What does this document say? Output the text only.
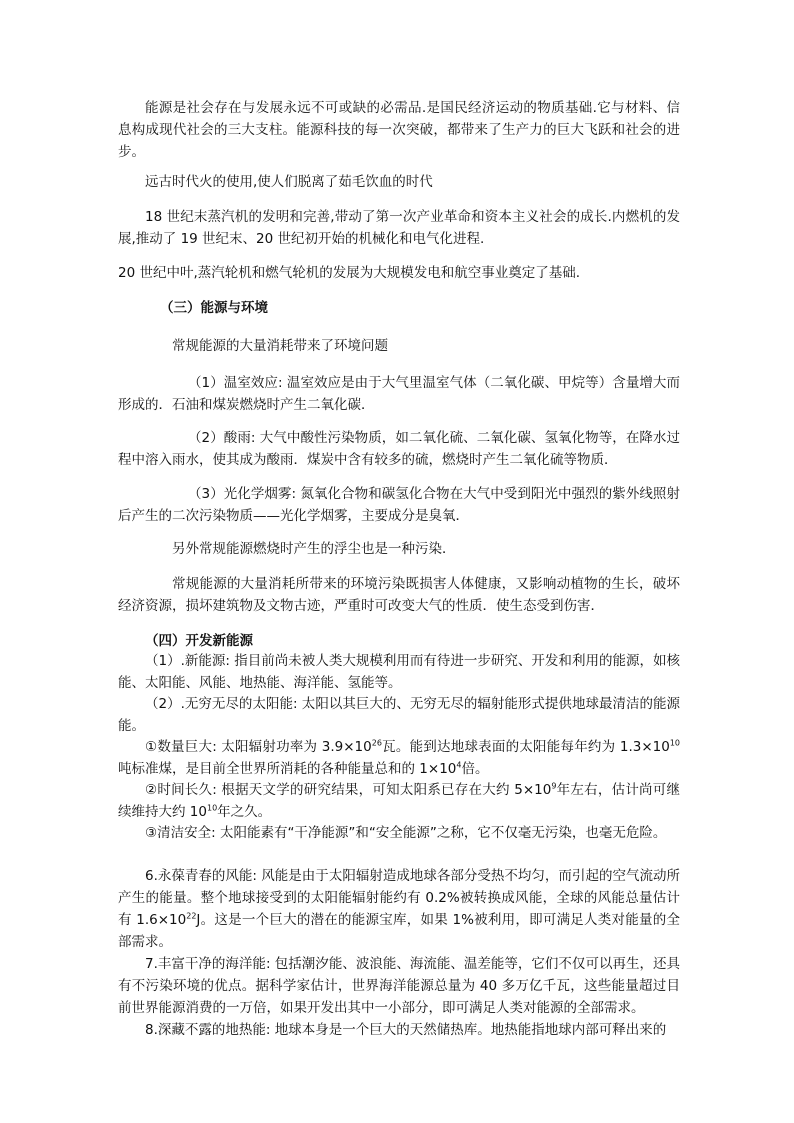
能源是社会存在与发展永远不可或缺的必需品.是国民经济运动的物质基础.它与材料、信息构成现代社会的三大支柱。能源科技的每一次突破，都带来了生产力的巨大飞跃和社会的进步。

远古时代火的使用,使人们脱离了茹毛饮血的时代

18 世纪末蒸汽机的发明和完善,带动了第一次产业革命和资本主义社会的成长.内燃机的发展,推动了 19 世纪末、20 世纪初开始的机械化和电气化进程.

20 世纪中叶,蒸汽轮机和燃气轮机的发展为大规模发电和航空事业奠定了基础.

（三）能源与环境

常规能源的大量消耗带来了环境问题

（1）温室效应: 温室效应是由于大气里温室气体（二氧化碳、甲烷等）含量增大而形成的．石油和煤炭燃烧时产生二氧化碳．

（2）酸雨: 大气中酸性污染物质，如二氧化硫、二氧化碳、氢氧化物等，在降水过程中溶入雨水，使其成为酸雨．煤炭中含有较多的硫，燃烧时产生二氧化硫等物质．

（3）光化学烟雾: 氮氧化合物和碳氢化合物在大气中受到阳光中强烈的紫外线照射后产生的二次污染物质——光化学烟雾，主要成分是臭氧．

另外常规能源燃烧时产生的浮尘也是一种污染．

常规能源的大量消耗所带来的环境污染既损害人体健康，又影响动植物的生长，破坏经济资源，损坏建筑物及文物古迹，严重时可改变大气的性质．使生态受到伤害．

（四）开发新能源

（1）.新能源: 指目前尚未被人类大规模利用而有待进一步研究、开发和利用的能源，如核能、太阳能、风能、地热能、海洋能、氢能等。

（2）.无穷无尽的太阳能: 太阳以其巨大的、无穷无尽的辐射能形式提供地球最清洁的能源能。

①数量巨大: 太阳辐射功率为 $3.9\times 10^{26}$瓦。能到达地球表面的太阳能每年约为 $1.3\times 10^{10}$吨标准煤，是目前全世界所消耗的各种能量总和的 $1\times 10^4$倍。

②时间长久: 根据天文学的研究结果，可知太阳系已存在大约 $5\times 10^9$年左右，估计尚可继续维持大约 $10^{10}$年之久。

③清洁安全: 太阳能素有“干净能源”和“安全能源”之称，它不仅毫无污染，也毫无危险。

6.永葆青春的风能: 风能是由于太阳辐射造成地球各部分受热不均匀，而引起的空气流动所产生的能量。整个地球接受到的太阳能辐射能约有 0.2%被转换成风能，全球的风能总量估计有 $1.6\times 10^{22}J$。这是一个巨大的潜在的能源宝库，如果 1%被利用，即可满足人类对能量的全部需求。

7.丰富干净的海洋能: 包括潮汐能、波浪能、海流能、温差能等，它们不仅可以再生，还具有不污染环境的优点。据科学家估计，世界海洋能源总量为 40 多万亿千瓦，这些能量超过目前世界能源消费的一万倍，如果开发出其中一小部分，即可满足人类对能源的全部需求。

8.深藏不露的地热能: 地球本身是一个巨大的天然储热库。地热能指地球内部可释出来的
